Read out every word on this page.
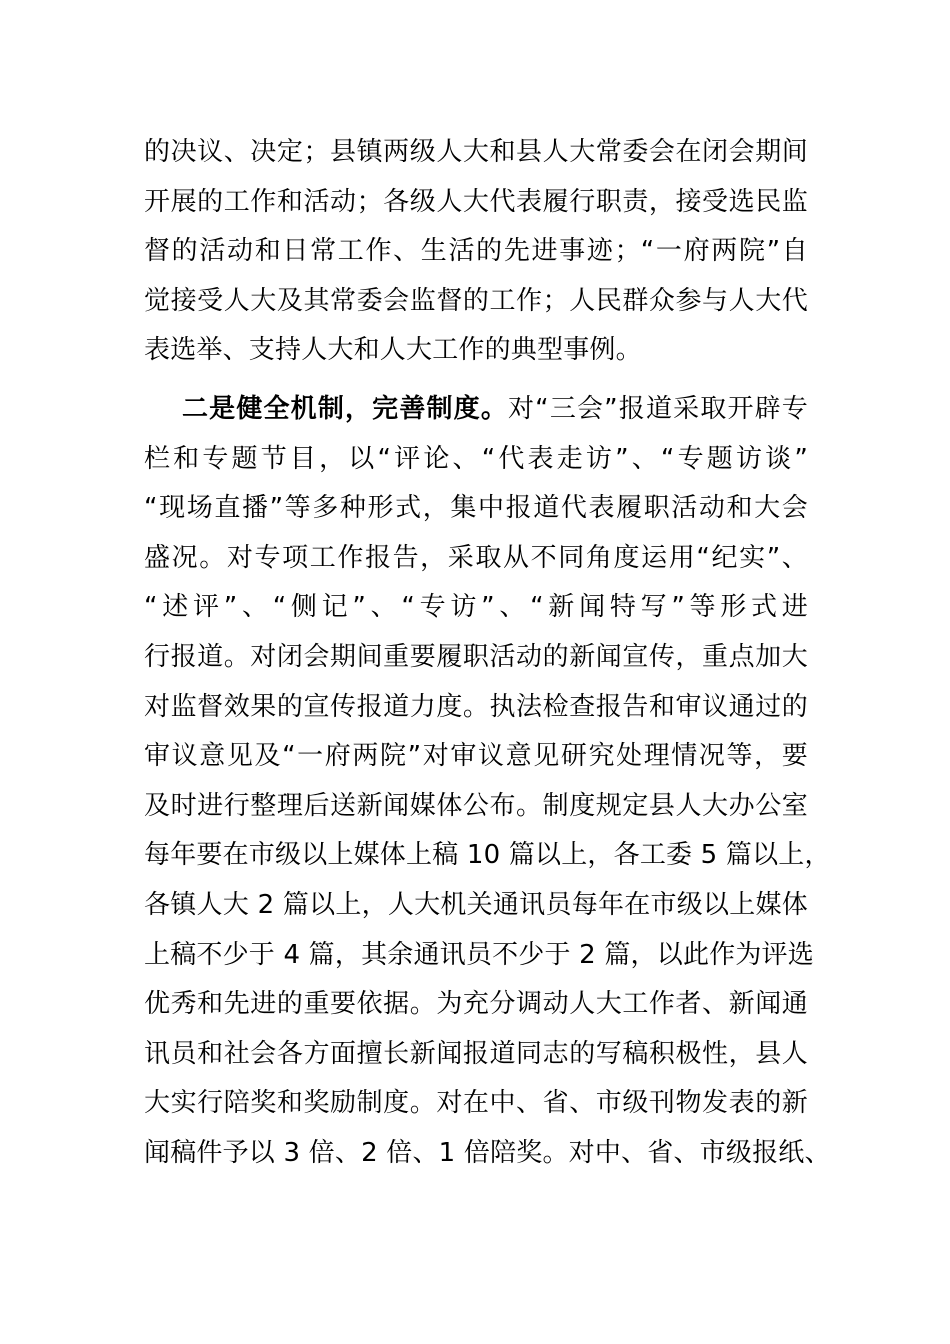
的决议、决定；县镇两级人大和县人大常委会在闭会期间
开展的工作和活动；各级人大代表履行职责，接受选民监
督的活动和日常工作、生活的先进事迹；“一府两院”自
觉接受人大及其常委会监督的工作；人民群众参与人大代
表选举、支持人大和人大工作的典型事例。
二是健全机制，完善制度。对“三会”报道采取开辟专
栏和专题节目，以“评论、“代表走访”、“专题访谈”
“现场直播”等多种形式，集中报道代表履职活动和大会
盛况。对专项工作报告，采取从不同角度运用“纪实”、
“述评”、“侧记”、“专访”、“新闻特写”等形式进
行报道。对闭会期间重要履职活动的新闻宣传，重点加大
对监督效果的宣传报道力度。执法检查报告和审议通过的
审议意见及“一府两院”对审议意见研究处理情况等，要
及时进行整理后送新闻媒体公布。制度规定县人大办公室
每年要在市级以上媒体上稿 10 篇以上，各工委 5 篇以上，
各镇人大 2 篇以上，人大机关通讯员每年在市级以上媒体
上稿不少于 4 篇，其余通讯员不少于 2 篇，以此作为评选
优秀和先进的重要依据。为充分调动人大工作者、新闻通
讯员和社会各方面擅长新闻报道同志的写稿积极性，县人
大实行陪奖和奖励制度。对在中、省、市级刊物发表的新
闻稿件予以 3 倍、2 倍、1 倍陪奖。对中、省、市级报纸、
